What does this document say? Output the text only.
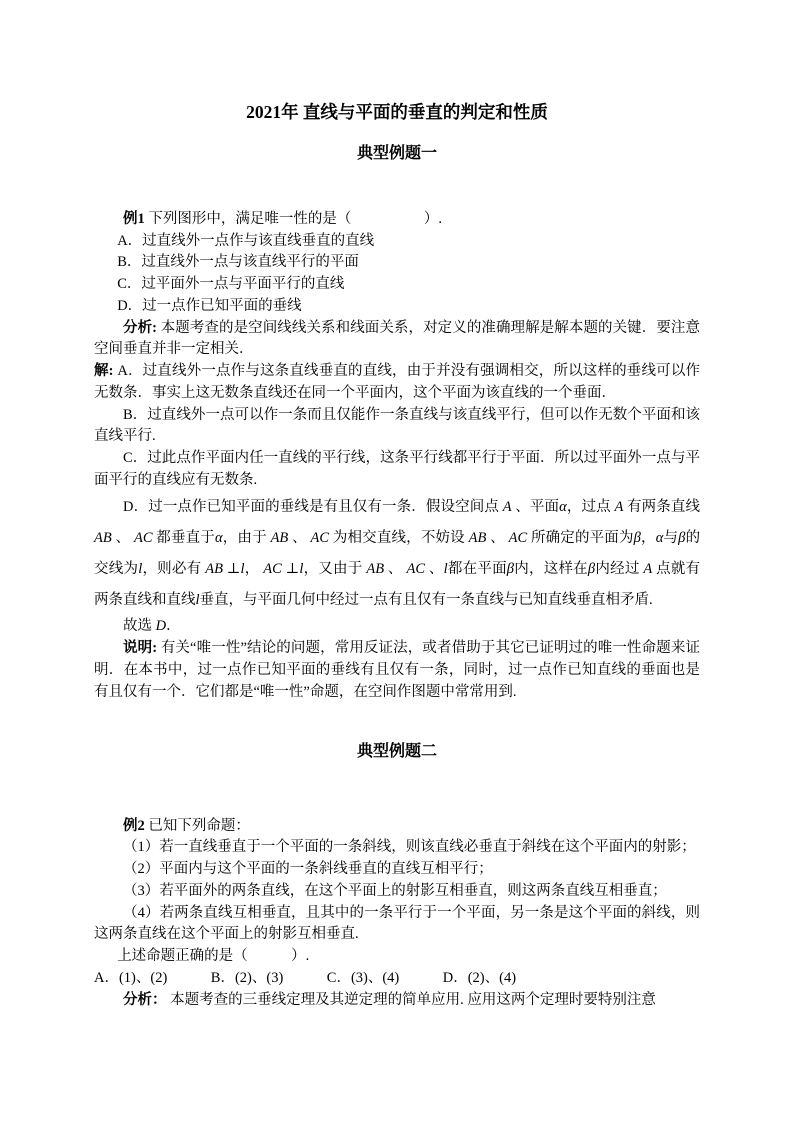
2021年 直线与平面的垂直的判定和性质
典型例题一

例1 下列图形中，满足唯一性的是（　　　　　）.

A．过直线外一点作与该直线垂直的直线

B．过直线外一点与该直线平行的平面

C．过平面外一点与平面平行的直线

D．过一点作已知平面的垂线

分析: 本题考查的是空间线线关系和线面关系，对定义的准确理解是解本题的关键．要注意空间垂直并非一定相关．

解: A．过直线外一点作与这条直线垂直的直线，由于并没有强调相交，所以这样的垂线可以作无数条．事实上这无数条直线还在同一个平面内，这个平面为该直线的一个垂面．

B．过直线外一点可以作一条而且仅能作一条直线与该直线平行，但可以作无数个平面和该直线平行.

C．过此点作平面内任一直线的平行线，这条平行线都平行于平面．所以过平面外一点与平面平行的直线应有无数条.

D．过一点作已知平面的垂线是有且仅有一条．假设空间点 A 、平面α，过点 A 有两条直线 AB 、 AC 都垂直于α，由于 AB 、 AC 为相交直线，不妨设 AB 、 AC 所确定的平面为β，α与β的交线为l，则必有 AB ⊥l， AC ⊥l，又由于 AB 、 AC 、l都在平面β内，这样在β内经过 A 点就有两条直线和直线l垂直，与平面几何中经过一点有且仅有一条直线与已知直线垂直相矛盾.

故选 D．

说明: 有关“唯一性”结论的问题，常用反证法，或者借助于其它已证明过的唯一性命题来证明．在本书中，过一点作已知平面的垂线有且仅有一条，同时，过一点作已知直线的垂面也是有且仅有一个．它们都是“唯一性”命题，在空间作图题中常常用到.

典型例题二

例2 已知下列命题：

（1）若一直线垂直于一个平面的一条斜线，则该直线必垂直于斜线在这个平面内的射影；

（2）平面内与这个平面的一条斜线垂直的直线互相平行；

（3）若平面外的两条直线，在这个平面上的射影互相垂直，则这两条直线互相垂直；

（4）若两条直线互相垂直，且其中的一条平行于一个平面，另一条是这个平面的斜线，则这两条直线在这个平面上的射影互相垂直.

上述命题正确的是（　　　）.

A．(1)、(2)　　　B．(2)、(3)　　　C．(3)、(4)　　　D．(2)、(4)

分析： 本题考查的三垂线定理及其逆定理的简单应用. 应用这两个定理时要特别注意
